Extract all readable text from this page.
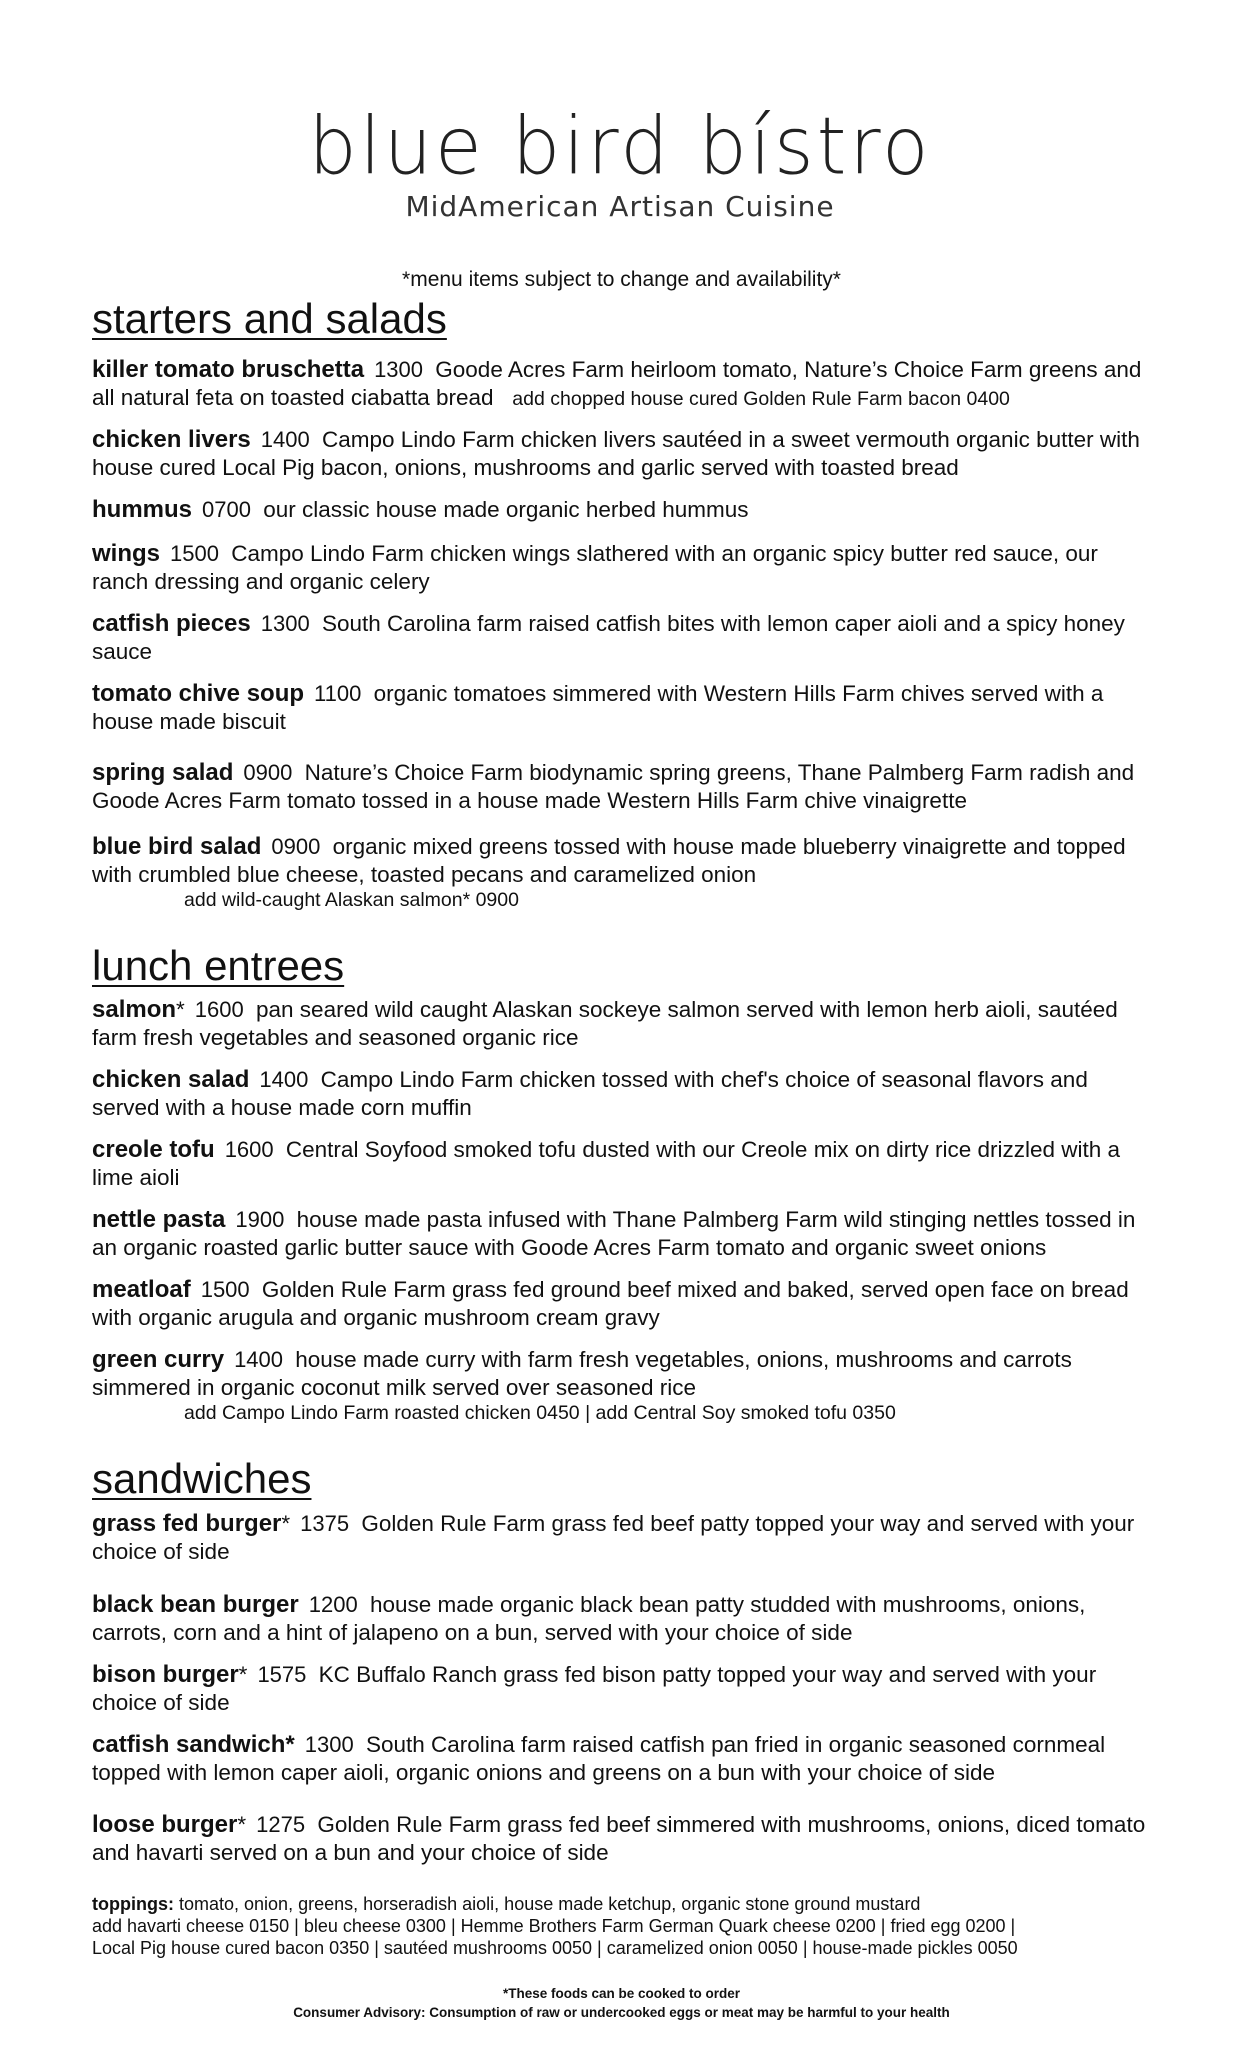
blue bird bístro
MidAmerican Artisan Cuisine
*menu items subject to change and availability*
starters and salads

killer tomato bruschetta 1300 Goode Acres Farm heirloom tomato, Nature’s Choice Farm greens and all natural feta on toasted ciabatta bread add chopped house cured Golden Rule Farm bacon 0400

chicken livers 1400 Campo Lindo Farm chicken livers sautéed in a sweet vermouth organic butter with house cured Local Pig bacon, onions, mushrooms and garlic served with toasted bread

hummus 0700 our classic house made organic herbed hummus

wings 1500 Campo Lindo Farm chicken wings slathered with an organic spicy butter red sauce, our ranch dressing and organic celery

catfish pieces 1300 South Carolina farm raised catfish bites with lemon caper aioli and a spicy honey sauce

tomato chive soup 1100 organic tomatoes simmered with Western Hills Farm chives served with a house made biscuit

spring salad 0900 Nature’s Choice Farm biodynamic spring greens, Thane Palmberg Farm radish and Goode Acres Farm tomato tossed in a house made Western Hills Farm chive vinaigrette

blue bird salad 0900 organic mixed greens tossed with house made blueberry vinaigrette and topped with crumbled blue cheese, toasted pecans and caramelized onion

add wild-caught Alaskan salmon* 0900

lunch entrees

salmon* 1600 pan seared wild caught Alaskan sockeye salmon served with lemon herb aioli, sautéed farm fresh vegetables and seasoned organic rice

chicken salad 1400 Campo Lindo Farm chicken tossed with chef's choice of seasonal flavors and served with a house made corn muffin

creole tofu 1600 Central Soyfood smoked tofu dusted with our Creole mix on dirty rice drizzled with a lime aioli

nettle pasta 1900 house made pasta infused with Thane Palmberg Farm wild stinging nettles tossed in an organic roasted garlic butter sauce with Goode Acres Farm tomato and organic sweet onions

meatloaf 1500 Golden Rule Farm grass fed ground beef mixed and baked, served open face on bread with organic arugula and organic mushroom cream gravy

green curry 1400 house made curry with farm fresh vegetables, onions, mushrooms and carrots simmered in organic coconut milk served over seasoned rice

add Campo Lindo Farm roasted chicken 0450 | add Central Soy smoked tofu 0350

sandwiches

grass fed burger* 1375 Golden Rule Farm grass fed beef patty topped your way and served with your choice of side

black bean burger 1200 house made organic black bean patty studded with mushrooms, onions, carrots, corn and a hint of jalapeno on a bun, served with your choice of side

bison burger* 1575 KC Buffalo Ranch grass fed bison patty topped your way and served with your choice of side

catfish sandwich* 1300 South Carolina farm raised catfish pan fried in organic seasoned cornmeal topped with lemon caper aioli, organic onions and greens on a bun with your choice of side

loose burger* 1275 Golden Rule Farm grass fed beef simmered with mushrooms, onions, diced tomato and havarti served on a bun and your choice of side

toppings: tomato, onion, greens, horseradish aioli, house made ketchup, organic stone ground mustard
add havarti cheese 0150 | bleu cheese 0300 | Hemme Brothers Farm German Quark cheese 0200 | fried egg 0200 |
Local Pig house cured bacon 0350 | sautéed mushrooms 0050 | caramelized onion 0050 | house-made pickles 0050

*These foods can be cooked to order
Consumer Advisory: Consumption of raw or undercooked eggs or meat may be harmful to your health
